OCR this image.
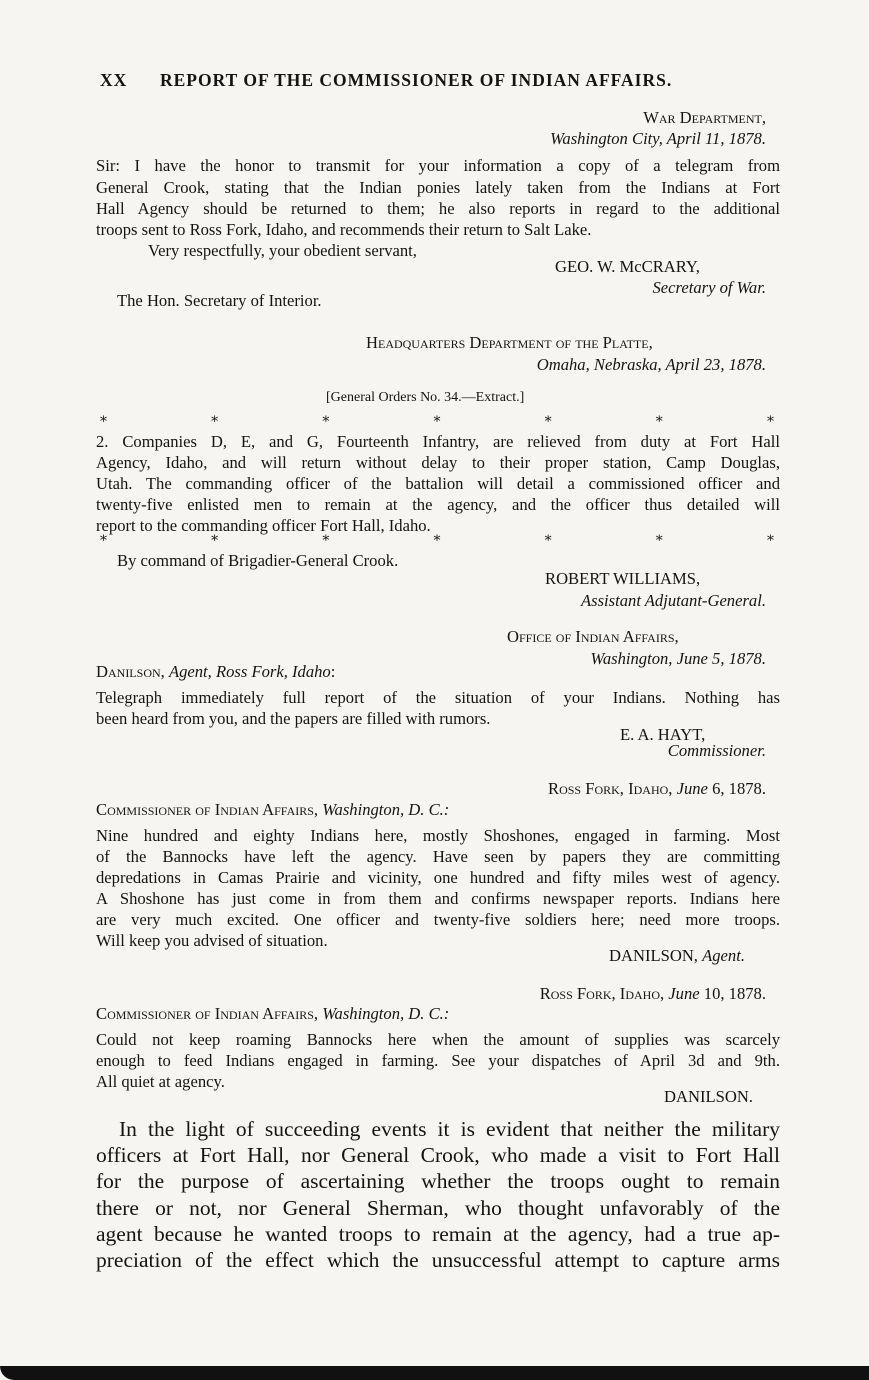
XX REPORT OF THE COMMISSIONER OF INDIAN AFFAIRS.
War Department,
Washington City, April 11, 1878.
Sir: I have the honor to transmit for your information a copy of a telegram from
General Crook, stating that the Indian ponies lately taken from the Indians at Fort
Hall Agency should be returned to them; he also reports in regard to the additional
troops sent to Ross Fork, Idaho, and recommends their return to Salt Lake.
Very respectfully, your obedient servant,
GEO. W. McCRARY,
Secretary of War.
The Hon. Secretary of Interior.
Headquarters Department of the Platte,
Omaha, Nebraska, April 23, 1878.
[General Orders No. 34.—Extract.]
*	*	*	*	*	*	*
2. Companies D, E, and G, Fourteenth Infantry, are relieved from duty at Fort Hall
Agency, Idaho, and will return without delay to their proper station, Camp Douglas,
Utah. The commanding officer of the battalion will detail a commissioned officer and
twenty-five enlisted men to remain at the agency, and the officer thus detailed will
report to the commanding officer Fort Hall, Idaho.
*	*	*	*	*	*	*
By command of Brigadier-General Crook.
ROBERT WILLIAMS,
Assistant Adjutant-General.
Office of Indian Affairs,
Washington, June 5, 1878.
Danilson, Agent, Ross Fork, Idaho:
Telegraph immediately full report of the situation of your Indians. Nothing has
been heard from you, and the papers are filled with rumors.
E. A. HAYT,
Commissioner.
Ross Fork, Idaho, June 6, 1878.
Commissioner of Indian Affairs, Washington, D. C.:
Nine hundred and eighty Indians here, mostly Shoshones, engaged in farming. Most
of the Bannocks have left the agency. Have seen by papers they are committing
depredations in Camas Prairie and vicinity, one hundred and fifty miles west of agency.
A Shoshone has just come in from them and confirms newspaper reports. Indians here
are very much excited. One officer and twenty-five soldiers here; need more troops.
Will keep you advised of situation.
DANILSON, Agent.
Ross Fork, Idaho, June 10, 1878.
Commissioner of Indian Affairs, Washington, D. C.:
Could not keep roaming Bannocks here when the amount of supplies was scarcely
enough to feed Indians engaged in farming. See your dispatches of April 3d and 9th.
All quiet at agency.
DANILSON.
In the light of succeeding events it is evident that neither the military
officers at Fort Hall, nor General Crook, who made a visit to Fort Hall
for the purpose of ascertaining whether the troops ought to remain
there or not, nor General Sherman, who thought unfavorably of the
agent because he wanted troops to remain at the agency, had a true ap-
preciation of the effect which the unsuccessful attempt to capture arms
